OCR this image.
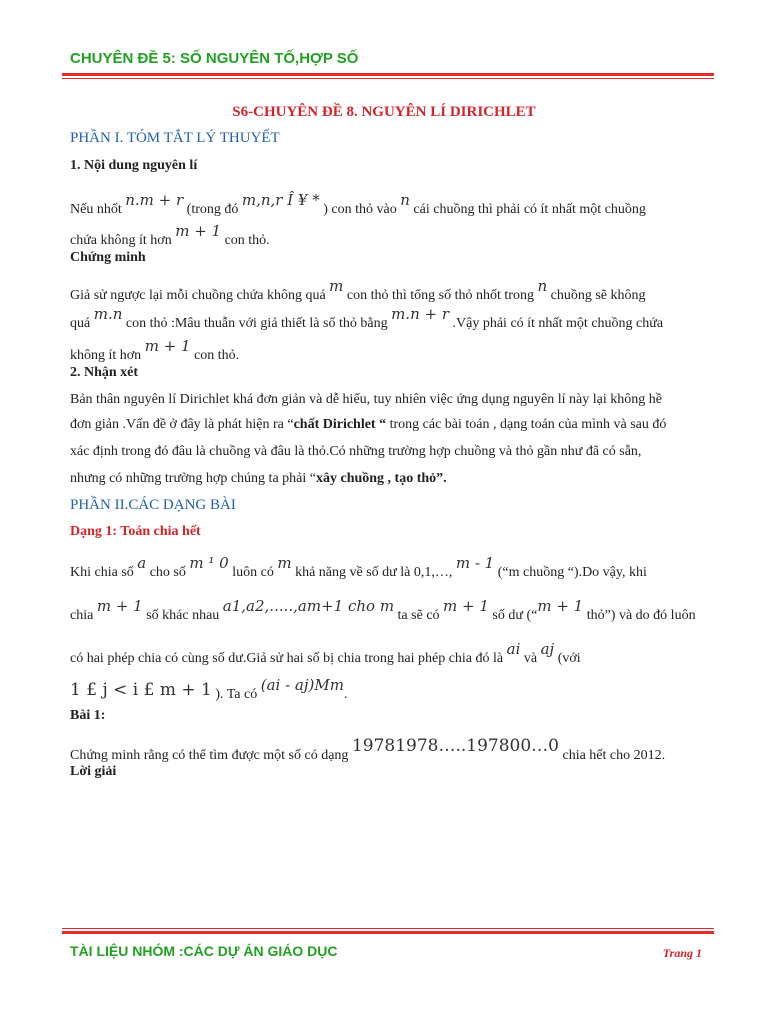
CHUYÊN ĐỀ 5: SỐ NGUYÊN TỐ,HỢP SỐ
S6-CHUYÊN ĐỀ 8. NGUYÊN LÍ DIRICHLET
PHẦN I. TÓM TẮT LÝ THUYẾT
1. Nội dung nguyên lí
Nếu nhốt n.m + r (trong đó m,n,r Î ¥ * ) con thỏ vào n cái chuồng thì phải có ít nhất một chuồng
chứa không ít hơn m + 1 con thỏ.
Chứng minh
Giả sử ngược lại mỗi chuồng chứa không quá m con thỏ thì tổng số thỏ nhốt trong n chuồng sẽ không
quá m.n con thỏ :Mâu thuẫn với giả thiết là số thỏ bằng m.n + r .Vậy phải có ít nhất một chuồng chứa
không ít hơn m + 1 con thỏ.
2. Nhận xét
Bản thân nguyên lí Dirichlet khá đơn giản và dễ hiểu, tuy nhiên việc ứng dụng nguyên lí này lại không hề
đơn giản .Vấn đề ở đây là phát hiện ra “chất Dirichlet “ trong các bài toán , dạng toán của mình và sau đó
xác định trong đó đâu là chuồng và đâu là thỏ.Có những trường hợp chuồng và thỏ gần như đã có sẵn,
nhưng có những trường hợp chúng ta phải “xây chuồng , tạo thỏ”.
PHẦN II.CÁC DẠNG BÀI
Dạng 1: Toán chia hết
Khi chia số a cho số m ¹ 0 luôn có m khả năng về số dư là 0,1,…, m - 1 (“m chuồng “).Do vậy, khi
chia m + 1 số khác nhau a1,a2,.....,am+1 cho m ta sẽ có m + 1 số dư (“m + 1 thỏ”) và do đó luôn
có hai phép chia có cùng số dư.Giả sử hai số bị chia trong hai phép chia đó là ai và aj (với
1 £ j < i £ m + 1 ). Ta có (ai - aj)Mm.
Bài 1:
Chứng minh rằng có thể tìm được một số có dạng 19781978…..197800…0 chia hết cho 2012.
Lời giải
TÀI LIỆU NHÓM :CÁC DỰ ÁN GIÁO DỤC	Trang 1
